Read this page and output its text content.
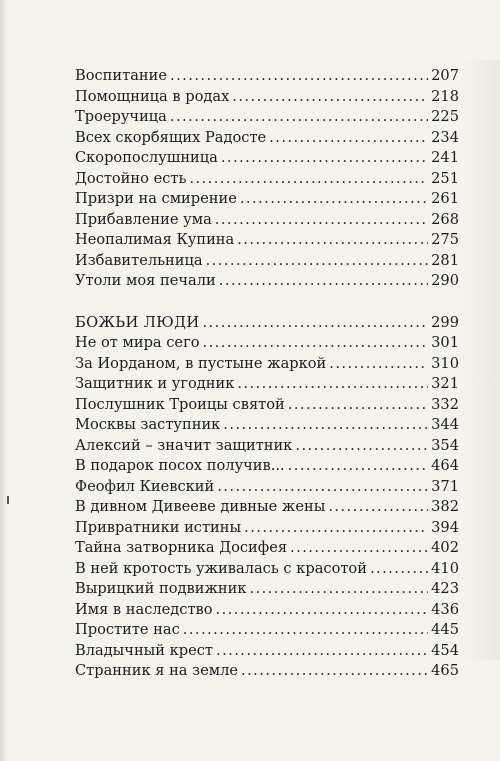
Воспитание . . .	207
Помощница в родах . . .	218
Троеручица . . .	225
Всех скорбящих Радосте . . .	234
Скоропослушница . . .	241
Достойно есть . . .	251
Призри на смирение . . .	261
Прибавление ума . . .	268
Неопалимая Купина . . .	275
Избавительница . . .	281
Утоли моя печали . . .	290
БОЖЬИ ЛЮДИ . . .	299
Не от мира сего . . .	301
За Иорданом, в пустыне жаркой . . .	310
Защитник и угодник . . .	321
Послушник Троицы святой . . .	332
Москвы заступник . . .	344
Алексий – значит защитник . . .	354
В подарок посох получив... . . .	464
Феофил Киевский . . .	371
В дивном Дивееве дивные жены . . .	382
Привратники истины . . .	394
Тайна затворника Досифея . . .	402
В ней кротость уживалась с красотой . . .	410
Вырицкий подвижник . . .	423
Имя в наследство . . .	436
Простите нас . . .	445
Владычный крест . . .	454
Странник я на земле . . .	465
